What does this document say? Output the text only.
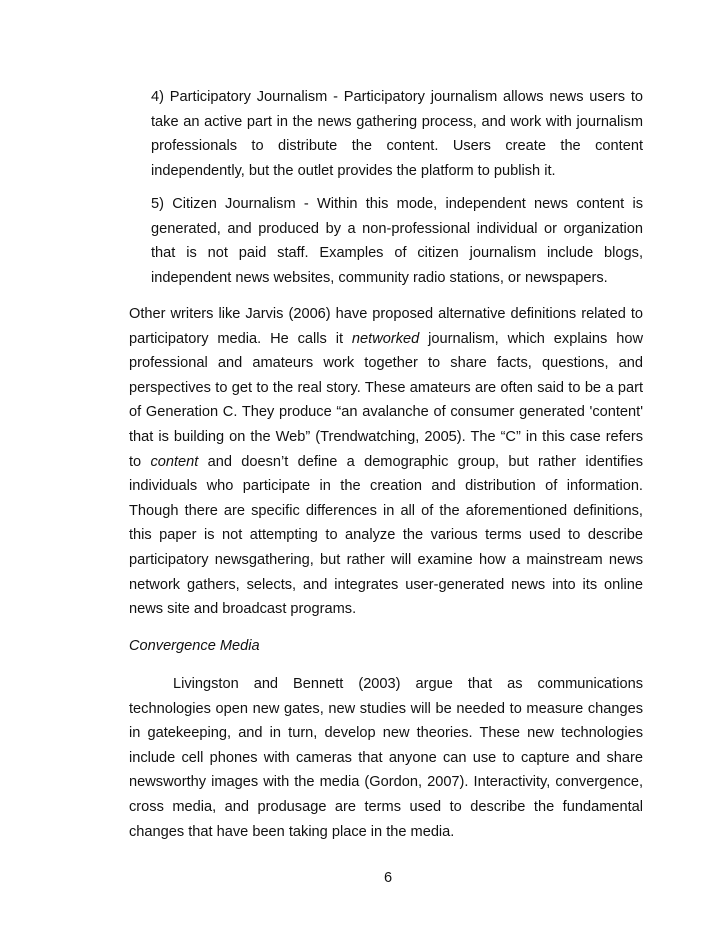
4) Participatory Journalism - Participatory journalism allows news users to take an active part in the news gathering process, and work with journalism professionals to distribute the content. Users create the content independently, but the outlet provides the platform to publish it.

5) Citizen Journalism - Within this mode, independent news content is generated, and produced by a non-professional individual or organization that is not paid staff. Examples of citizen journalism include blogs, independent news websites, community radio stations, or newspapers.

Other writers like Jarvis (2006) have proposed alternative definitions related to participatory media. He calls it networked journalism, which explains how professional and amateurs work together to share facts, questions, and perspectives to get to the real story. These amateurs are often said to be a part of Generation C. They produce “an avalanche of consumer generated 'content' that is building on the Web” (Trendwatching, 2005). The “C” in this case refers to content and doesn’t define a demographic group, but rather identifies individuals who participate in the creation and distribution of information. Though there are specific differences in all of the aforementioned definitions, this paper is not attempting to analyze the various terms used to describe participatory newsgathering, but rather will examine how a mainstream news network gathers, selects, and integrates user-generated news into its online news site and broadcast programs.

Convergence Media

Livingston and Bennett (2003) argue that as communications technologies open new gates, new studies will be needed to measure changes in gatekeeping, and in turn, develop new theories. These new technologies include cell phones with cameras that anyone can use to capture and share newsworthy images with the media (Gordon, 2007). Interactivity, convergence, cross media, and produsage are terms used to describe the fundamental changes that have been taking place in the media.

6
